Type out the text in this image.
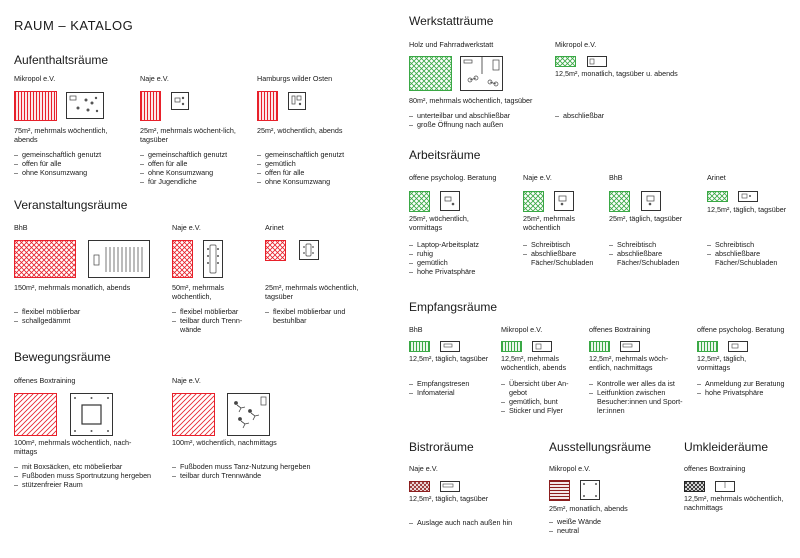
RAUM – KATALOG
Aufenthaltsräume
Mikropol e.V.
75m², mehrmals wöchentlich, abends
– gemeinschaftlich genutzt
– offen für alle
– ohne Konsumzwang
Naje e.V.
25m², mehrmals wöchent-lich, tagsüber
– gemeinschaftlich genutzt
– offen für alle
– ohne Konsumzwang
– für Jugendliche
Hamburgs wilder Osten
25m², wöchentlich, abends
– gemeinschaftlich genutzt
– gemütlich
– offen für alle
– ohne Konsumzwang
Veranstaltungsräume
BhB
150m², mehrmals monatlich, abends
– flexibel möblierbar
– schallgedämmt
Naje e.V.
50m², mehrmals wöchentlich,
– flexibel möblierbar
– teilbar durch Trenn-
wände
Arinet
25m², mehrmals wöchentlich, tagsüber
– flexibel möblierbar und bestuhlbar
Bewegungsräume
offenes Boxtraining
100m², mehrmals wöchentlich, nach-mittags
– mit Boxsäcken, etc möbelierbar
– Fußboden muss Sportnutzung hergeben
– stützenfreier Raum
Naje e.V.
100m², wöchentlich, nachmittags
– Fußboden muss Tanz-Nutzung hergeben
– teilbar durch Trennwände
Werkstatträume
Holz und Fahrradwerkstatt
80m², mehrmals wöchentlich, tagsüber
– unterteilbar und abschließbar
– große Öffnung nach außen
Mikropol e.V.
12,5m², monatlich, tagsüber u. abends
– abschließbar
Arbeitsräume
offene psycholog. Beratung
25m², wöchentlich, vormittags
– Laptop-Arbeitsplatz
– ruhig
– gemütlich
– hohe Privatsphäre
Naje e.V.
25m², mehrmals wöchentlich
– Schreibtisch
– abschließbare Fächer/Schubladen
BhB
25m², täglich, tagsüber
– Schreibtisch
– abschließbare Fächer/Schubladen
Arinet
12,5m², täglich, tagsüber
– Schreibtisch
– abschließbare Fächer/Schubladen
Empfangsräume
BhB
12,5m², täglich, tagsüber
– Empfangstresen
– Infomaterial
Mikropol e.V.
12,5m², mehrmals wöchentlich, abends
– Übersicht über An-gebot
– gemütlich, bunt
– Sticker und Flyer
offenes Boxtraining
12,5m², mehrmals wöch-entlich, nachmittags
– Kontrolle wer alles da ist
– Leitfunktion zwischen Besucher:innen und Sport-ler:innen
offene psycholog. Beratung
12,5m², täglich, vormittags
– Anmeldung zur Beratung
– hohe Privatsphäre
Bistroräume
Naje e.V.
12,5m², täglich, tagsüber
– Auslage auch nach außen hin
Ausstellungsräume
Mikropol e.V.
25m², monatlich, abends
– weiße Wände
– neutral
Umkleideräume
offenes Boxtraining
12,5m², mehrmals wöchentlich, nachmittags
